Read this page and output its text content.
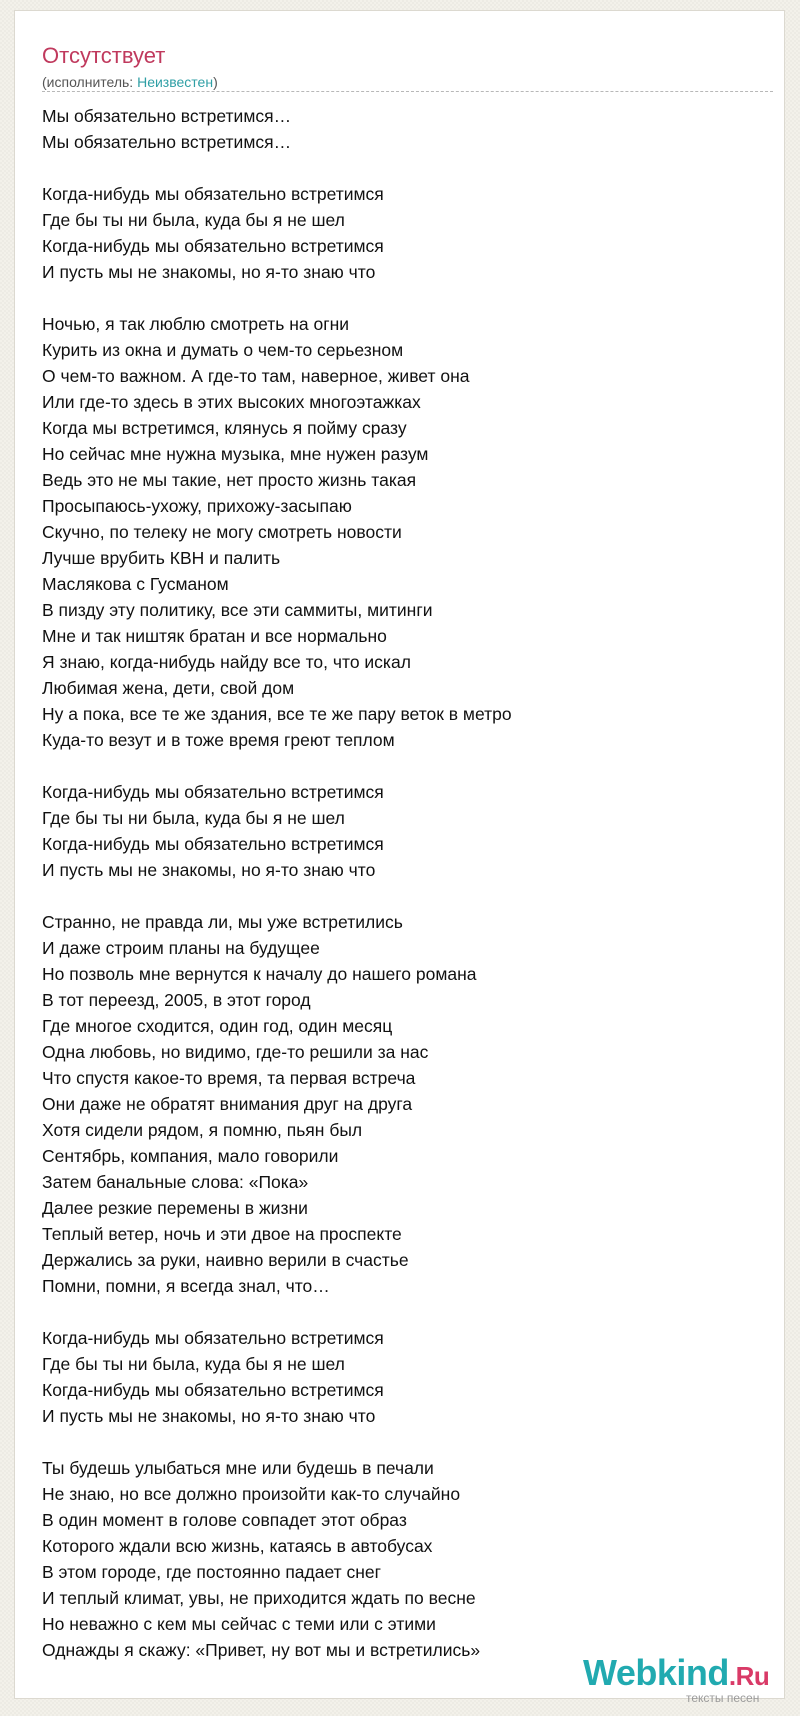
Отсутствует
(исполнитель: Неизвестен)
Мы обязательно встретимся…
Мы обязательно встретимся…
Когда-нибудь мы обязательно встретимся
Где бы ты ни была, куда бы я не шел
Когда-нибудь мы обязательно встретимся
И пусть мы не знакомы, но я-то знаю что
Ночью, я так люблю смотреть на огни
Курить из окна и думать о чем-то серьезном
О чем-то важном. А где-то там, наверное, живет она
Или где-то здесь в этих высоких многоэтажках
Когда мы встретимся, клянусь я пойму сразу
Но сейчас мне нужна музыка, мне нужен разум
Ведь это не мы такие, нет просто жизнь такая
Просыпаюсь-ухожу, прихожу-засыпаю
Скучно, по телеку не могу смотреть новости
Лучше врубить КВН и палить
Маслякова с Гусманом
В пизду эту политику, все эти саммиты, митинги
Мне и так ништяк братан и все нормально
Я знаю, когда-нибудь найду все то, что искал
Любимая жена, дети, свой дом
Ну а пока, все те же здания, все те же пару веток в метро
Куда-то везут и в тоже время греют теплом
Когда-нибудь мы обязательно встретимся
Где бы ты ни была, куда бы я не шел
Когда-нибудь мы обязательно встретимся
И пусть мы не знакомы, но я-то знаю что
Странно, не правда ли, мы уже встретились
И даже строим планы на будущее
Но позволь мне вернутся к началу до нашего романа
В тот переезд, 2005, в этот город
Где многое сходится, один год, один месяц
Одна любовь, но видимо, где-то решили за нас
Что спустя какое-то время, та первая встреча
Они даже не обратят внимания друг на друга
Хотя сидели рядом, я помню, пьян был
Сентябрь, компания, мало говорили
Затем банальные слова: «Пока»
Далее резкие перемены в жизни
Теплый ветер, ночь и эти двое на проспекте
Держались за руки, наивно верили в счастье
Помни, помни, я всегда знал, что…
Когда-нибудь мы обязательно встретимся
Где бы ты ни была, куда бы я не шел
Когда-нибудь мы обязательно встретимся
И пусть мы не знакомы, но я-то знаю что
Ты будешь улыбаться мне или будешь в печали
Не знаю, но все должно произойти как-то случайно
В один момент в голове совпадет этот образ
Которого ждали всю жизнь, катаясь в автобусах
В этом городе, где постоянно падает снег
И теплый климат, увы, не приходится ждать по весне
Но неважно с кем мы сейчас с теми или с этими
Однажды я скажу: «Привет, ну вот мы и встретились»
Webkind.Ru
тексты песен
